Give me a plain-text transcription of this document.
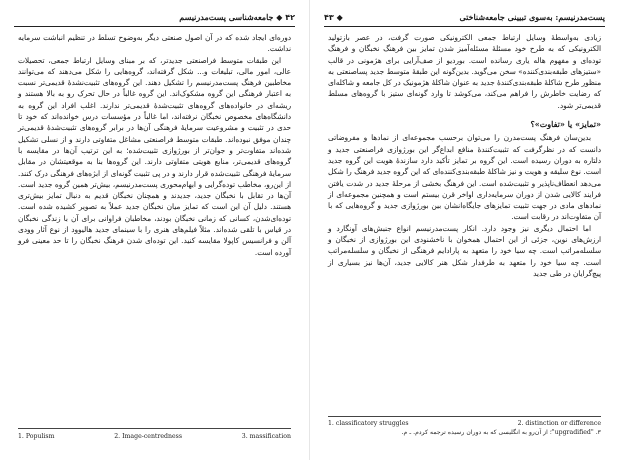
۴۲ ◆ جامعه‌شناسی پست‌مدرنیسم

دوره‌ای ایجاد شده که در آن اصول صنعتی دیگر به‌وضوح تسلط در تنظیم انباشت سرمایه نداشت.

این طبقات متوسط فراصنعتی جدیدتر، که بر مبنای وسایل ارتباط جمعی، تحصیلات عالی، امور مالی، تبلیغات و... شکل گرفته‌اند، گروه‌هایی را شکل می‌دهند که می‌توانند مخاطبین فرهنگ پست‌مدرنیسم را تشکیل دهند. این گروه‌های تثبیت‌نشدهٔ قدیمی‌تر نسبت به اعتبار فرهنگی این گروه مشکوک‌اند. این گروه غالباً در حال تحرک رو به بالا هستند و ریشه‌ای در خانواده‌های گروه‌های تثبیت‌شدهٔ قدیمی‌تر ندارند. اغلب افراد این گروه به دانشگاه‌های مخصوص نخبگان نرفته‌اند، اما غالباً در مؤسسات درس خوانده‌اند که خود تا حدی در تثبیت و مشروعیت سرمایهٔ فرهنگی آن‌ها در برابر گروه‌های تثبیت‌شدهٔ قدیمی‌تر چندان موفق نبوده‌اند. طبقات متوسط فراصنعتی مشاغل متفاوتی دارند و از نسلی تشکیل شده‌اند متفاوت‌تر و جوان‌تر از بورژوازی تثبیت‌شده؛ به این ترتیب آن‌ها در مقایسه با گروه‌های قدیمی‌تر، منابع هویتی متفاوتی دارند. این گروه‌ها بنا به موقعیتشان در مقابل سرمایهٔ فرهنگی تثبیت‌شده قرار دارند و در پی تثبیت گونه‌ای از ابژه‌های فرهنگی درک کنند. از این‌رو، مخاطب توده‌گرایی و ابهام‌محوری پست‌مدرنیسم، بیش‌تر همین گروه جدید است. آن‌ها در تقابل با نخبگان جدید، جدیدند و همچنان نخبگان قدیم به دنبال تمایز بیش‌تری هستند. دلیل آن این است که تمایز میان نخبگان جدید عملاً به تصویر کشیده شده است. توده‌ای‌شدن، کسانی که زمانی نخبگان بودند، مخاطبان فراوانی برای آن با زندگی نخبگان در قیاس با تلقی شده‌اند. مثلاً فیلم‌های هنری را با سینمای جدید هالیوود از نوع آثار وودی آلن و فرانسیس کاپولا مقایسه کنید. این توده‌ای شدن فرهنگ نخبگان را تا حد معینی فرو آورده است.

1. Populism	2. Image-centredness	3. massification
پست‌مدرنیسم: به‌سوی تبیینی جامعه‌شناختی
◆ ۴۳

زیادی به‌واسطهٔ وسایل ارتباط جمعی الکترونیکی صورت گرفت، در عصر بازتولید الکترونیکی که به طرح خود مسئلهٔ مسئله‌آمیز شدن تمایز بین فرهنگ نخبگان و فرهنگ توده‌ای و مفهوم هاله یاری رسانده است. بوردیو از صف‌آرایی برای هژمونی در قالب «ستیزهای طبقه‌بندی‌کننده» سخن می‌گوید. بدین‌گونه این طبقهٔ متوسط جدید پسا‌صنعتی به منظور طرح شاکلهٔ طبقه‌بندی‌کنندهٔ جدید به عنوان شاکلهٔ هژمونیک در کل جامعه و شاکله‌ای که رضایت خاطرش را فراهم می‌کند، می‌کوشد تا وارد گونه‌ای ستیز با گروه‌های مسلط قدیمی‌تر شود.

«تمایز» یا «تفاوت»؟

بدین‌سان فرهنگ پست‌مدرن را می‌توان برحسب مجموعه‌ای از نمادها و مفروضاتی دانست که در نظرگرفت که تثبیت‌کنندهٔ منافع ابداع‌گر این بورژوازی فراصنعتی جدید و دلتاره به دوران رسیده است. این گروه بر تمایز تأکید دارد سازندهٔ هویت این گروه جدید است. نوع سلیقه و هویت و نیز شاکلهٔ طبقه‌بندی‌کننده‌ای که این گروه جدید فرهنگ را شکل می‌دهد انعطاف‌ناپذیر و تثبیت‌شده است. این فرهنگ بخشی از مرحلهٔ جدید در شدت یافتن فرایند کالایی شدن از دوران سرمایه‌داری اواخر قرن بیستم است و همچنین مجموعه‌ای از نمادهای مادی در جهت تثبیت تمایزهای جایگاه‌انشان بین بورژوازی جدید و گروه‌هایی که با آن متفاوت‌اند در رقابت است.

اما احتمال دیگری نیز وجود دارد. انکار پست‌مدرنیسم انواع جنبش‌های آونگارد و ارزش‌های نوین، جزئی از این احتمال همخوان با ناخشنودی این بورژوازی از نخبگان و سلسله‌مراتب است. چه سیا خود را متعهد به پارادایم فرهنگی از نخبگان و سلسله‌مراتب است. چه سیا خود را متعهد به طرفدار شکل هنر کالایی جدید، آن‌ها نیز بسیاری از پیچ‌گرایان در طی جدید

1. classificatory struggles	2. distinction or difference
۳. "upgradified"؛ از آن‌رو به انگلیسی که به دوران رسیده ترجمه کردم. ـ م.
